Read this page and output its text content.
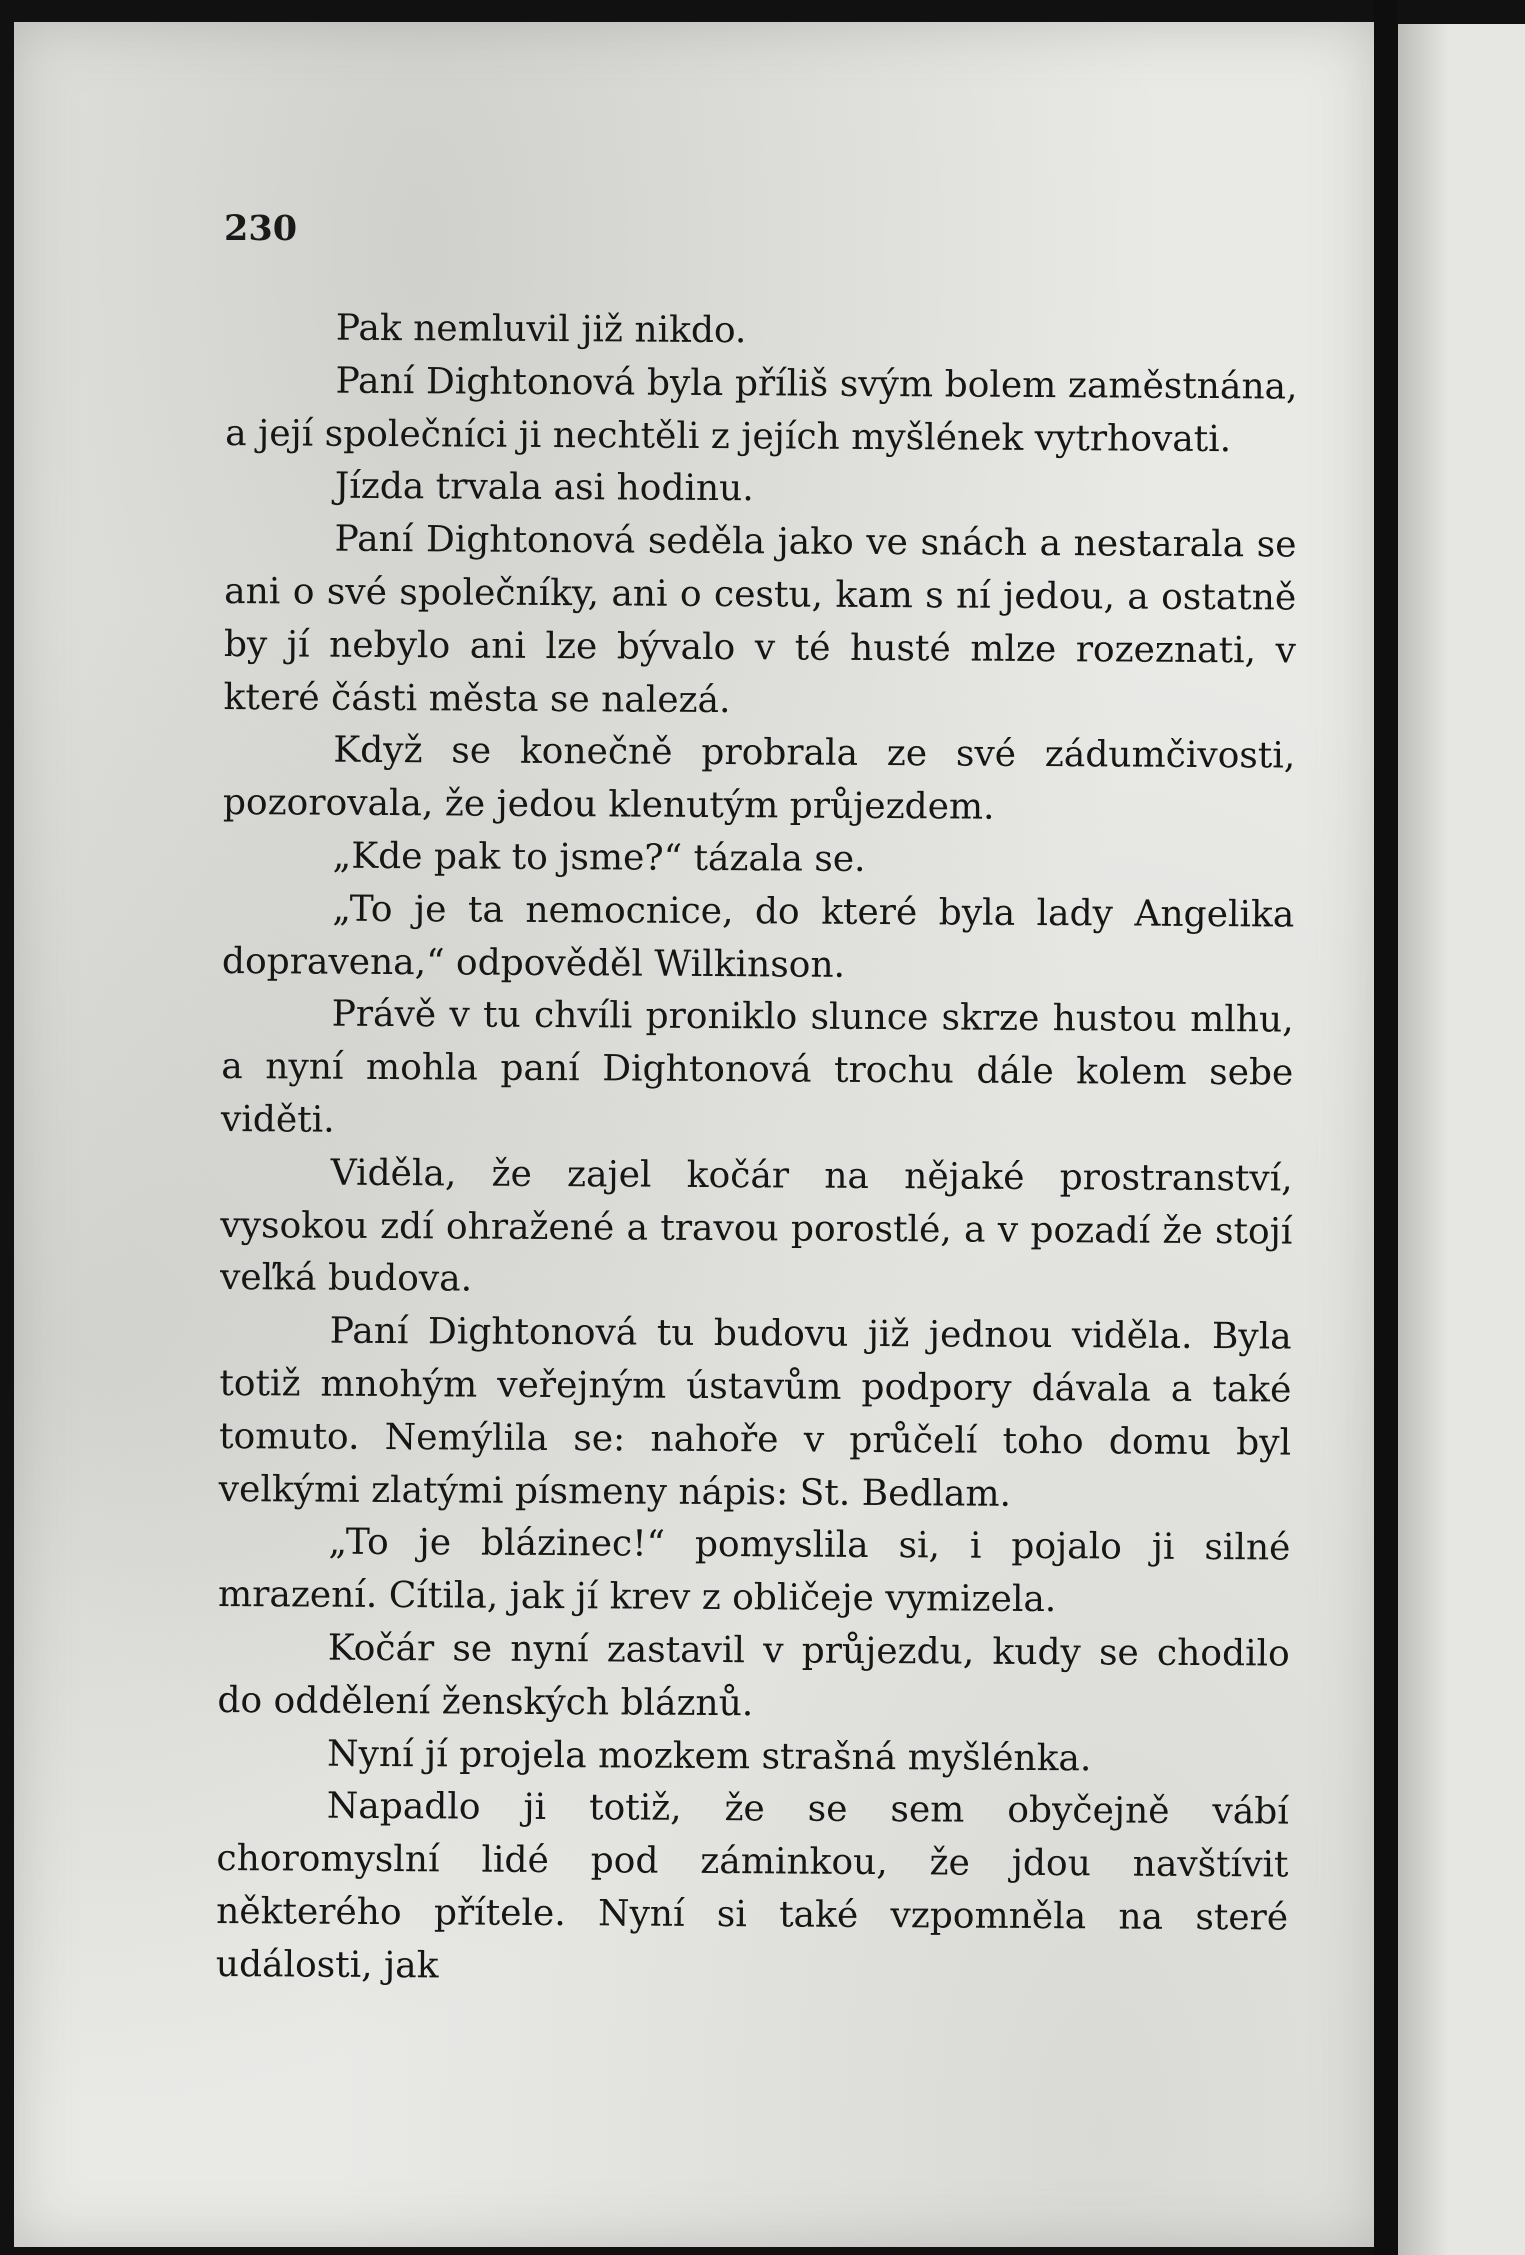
230

Pak nemluvil již nikdo.

Paní Dightonová byla příliš svým bolem zaměstnána, a její společníci ji nechtěli z jejích myšlének vytrhovati.

Jízda trvala asi hodinu.

Paní Dightonová seděla jako ve snách a nestarala se ani o své společníky, ani o cestu, kam s ní jedou, a ostatně by jí nebylo ani lze bývalo v té husté mlze rozeznati, v které části města se nalezá.

Když se konečně probrala ze své zádumčivosti, pozorovala, že jedou klenutým průjezdem.

„Kde pak to jsme?“ tázala se.

„To je ta nemocnice, do které byla lady Angelika dopravena,“ odpověděl Wilkinson.

Právě v tu chvíli proniklo slunce skrze hustou mlhu, a nyní mohla paní Dightonová trochu dále kolem sebe viděti.

Viděla, že zajel kočár na nějaké prostranství, vysokou zdí ohražené a travou porostlé, a v pozadí že stojí veľká budova.

Paní Dightonová tu budovu již jednou viděla. Byla totiž mnohým veřejným ústavům podpory dávala a také tomuto. Nemýlila se: nahoře v průčelí toho domu byl velkými zlatými písmeny nápis: St. Bedlam.

„To je blázinec!“ pomyslila si, i pojalo ji silné mrazení. Cítila, jak jí krev z obličeje vymizela.

Kočár se nyní zastavil v průjezdu, kudy se chodilo do oddělení ženských bláznů.

Nyní jí projela mozkem strašná myšlénka.

Napadlo ji totiž, že se sem obyčejně vábí choromyslní lidé pod záminkou, že jdou navštívit některého přítele. Nyní si také vzpomněla na steré události, jak
